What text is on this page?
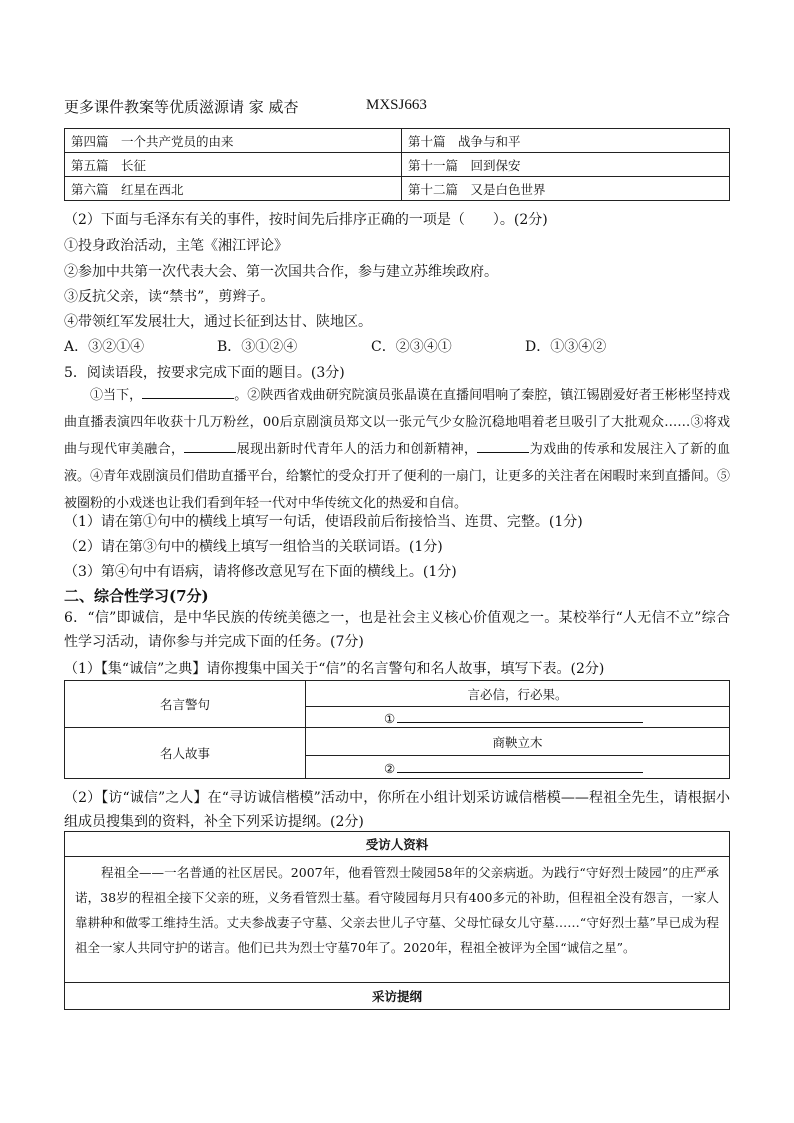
更多课件教案等优质滋源请 家 威杏	MXSJ663
第四篇　一个共产党员的由来	第十篇　战争与和平
第五篇　长征	第十一篇　回到保安
第六篇　红星在西北	第十二篇　又是白色世界
（2）下面与毛泽东有关的事件，按时间先后排序正确的一项是（　　）。(2分)
①投身政治活动，主笔《湘江评论》
②参加中共第一次代表大会、第一次国共合作，参与建立苏维埃政府。
③反抗父亲，读“禁书”，剪辫子。
④带领红军发展壮大，通过长征到达甘、陕地区。
A．③②①④	B．③①②④	C．②③④①	D．①③④②
5．阅读语段，按要求完成下面的题目。(3分)
①当下，	。②陕西省戏曲研究院演员张晶谟在直播间唱响了秦腔，镇江锡剧爱好者王彬彬坚持戏曲直播表演四年收获十几万粉丝，00后京剧演员郑文以一张元气少女脸沉稳地唱着老旦吸引了大批观众……③将戏曲与现代审美融合，	展现出新时代青年人的活力和创新精神，	为戏曲的传承和发展注入了新的血液。④青年戏剧演员们借助直播平台，给繁忙的受众打开了便利的一扇门，让更多的关注者在闲暇时来到直播间。⑤被圈粉的小戏迷也让我们看到年轻一代对中华传统文化的热爱和自信。
（1）请在第①句中的横线上填写一句话，使语段前后衔接恰当、连贯、完整。(1分)
（2）请在第③句中的横线上填写一组恰当的关联词语。(1分)
（3）第④句中有语病，请将修改意见写在下面的横线上。(1分)
二、综合性学习(7分)
6．“信”即诚信，是中华民族的传统美德之一，也是社会主义核心价值观之一。某校举行“人无信不立”综合性学习活动，请你参与并完成下面的任务。(7分)
（1）【集“诚信”之典】请你搜集中国关于“信”的名言警句和名人故事，填写下表。(2分)
名言警句	言必信，行必果。
	①
名人故事	商鞅立木
	②
（2）【访“诚信”之人】在“寻访诚信楷模”活动中，你所在小组计划采访诚信楷模——程祖全先生，请根据小组成员搜集到的资料，补全下列采访提纲。(2分)
受访人资料
程祖全——一名普通的社区居民。2007年，他看管烈士陵园58年的父亲病逝。为践行“守好烈士陵园”的庄严承诺，38岁的程祖全接下父亲的班，义务看管烈士墓。看守陵园每月只有400多元的补助，但程祖全没有怨言，一家人靠耕种和做零工维持生活。丈夫参战妻子守墓、父亲去世儿子守墓、父母忙碌女儿守墓……“守好烈士墓”早已成为程祖全一家人共同守护的诺言。他们已共为烈士守墓70年了。2020年，程祖全被评为全国“诚信之星”。
采访提纲
